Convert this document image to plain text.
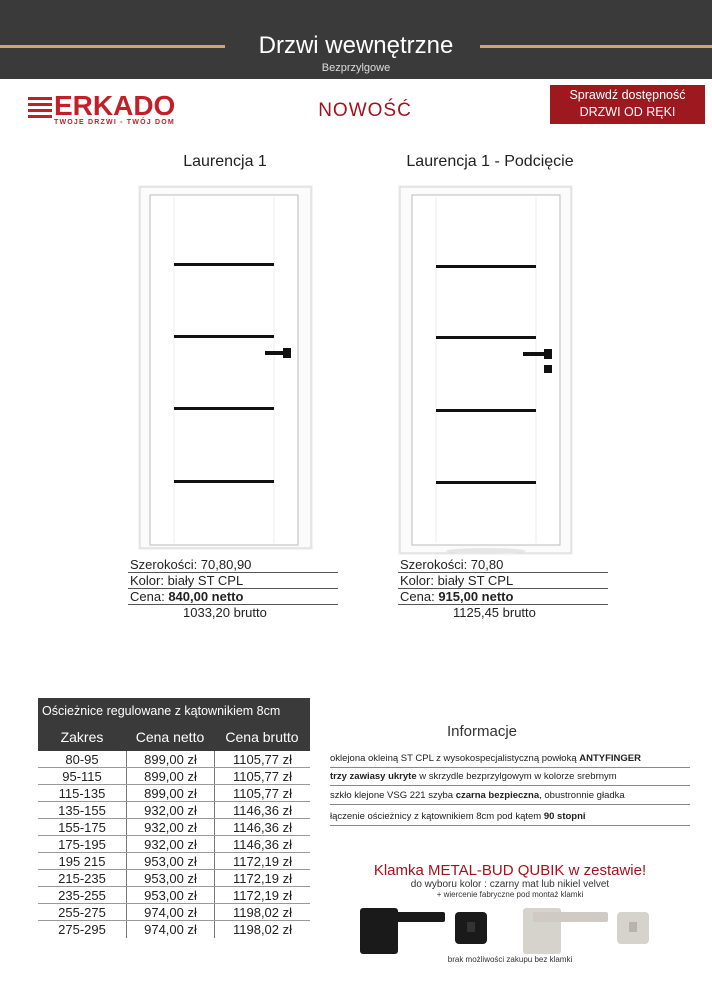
Drzwi wewnętrzne
Bezprzylgowe
ERKADO
TWOJE DRZWI - TWÓJ DOM
NOWOŚĆ
Sprawdź dostępność
DRZWI OD RĘKI
Laurencja 1
Szerokości: 70,80,90
Kolor: biały ST CPL
Cena: 840,00 netto
1033,20 brutto
Laurencja 1 - Podcięcie
Szerokości: 70,80
Kolor: biały ST CPL
Cena: 915,00 netto
1125,45 brutto
Ościeżnice regulowane z kątownikiem 8cm
Zakres	Cena netto	Cena brutto
80-95	899,00 zł	1105,77 zł
95-115	899,00 zł	1105,77 zł
115-135	899,00 zł	1105,77 zł
135-155	932,00 zł	1146,36 zł
155-175	932,00 zł	1146,36 zł
175-195	932,00 zł	1146,36 zł
195 215	953,00 zł	1172,19 zł
215-235	953,00 zł	1172,19 zł
235-255	953,00 zł	1172,19 zł
255-275	974,00 zł	1198,02 zł
275-295	974,00 zł	1198,02 zł
Informacje
oklejona okleiną ST CPL z wysokospecjalistyczną powłoką ANTYFINGER
trzy zawiasy ukryte w skrzydle bezprzylgowym w kolorze srebrnym
szkło klejone VSG 221 szyba czarna bezpieczna, obustronnie gładka
łączenie ościeżnicy z kątownikiem 8cm pod kątem 90 stopni
Klamka METAL-BUD QUBIK w zestawie!
do wyboru kolor : czarny mat lub nikiel velvet
+ wiercenie fabryczne pod montaż klamki
brak możliwości zakupu bez klamki
